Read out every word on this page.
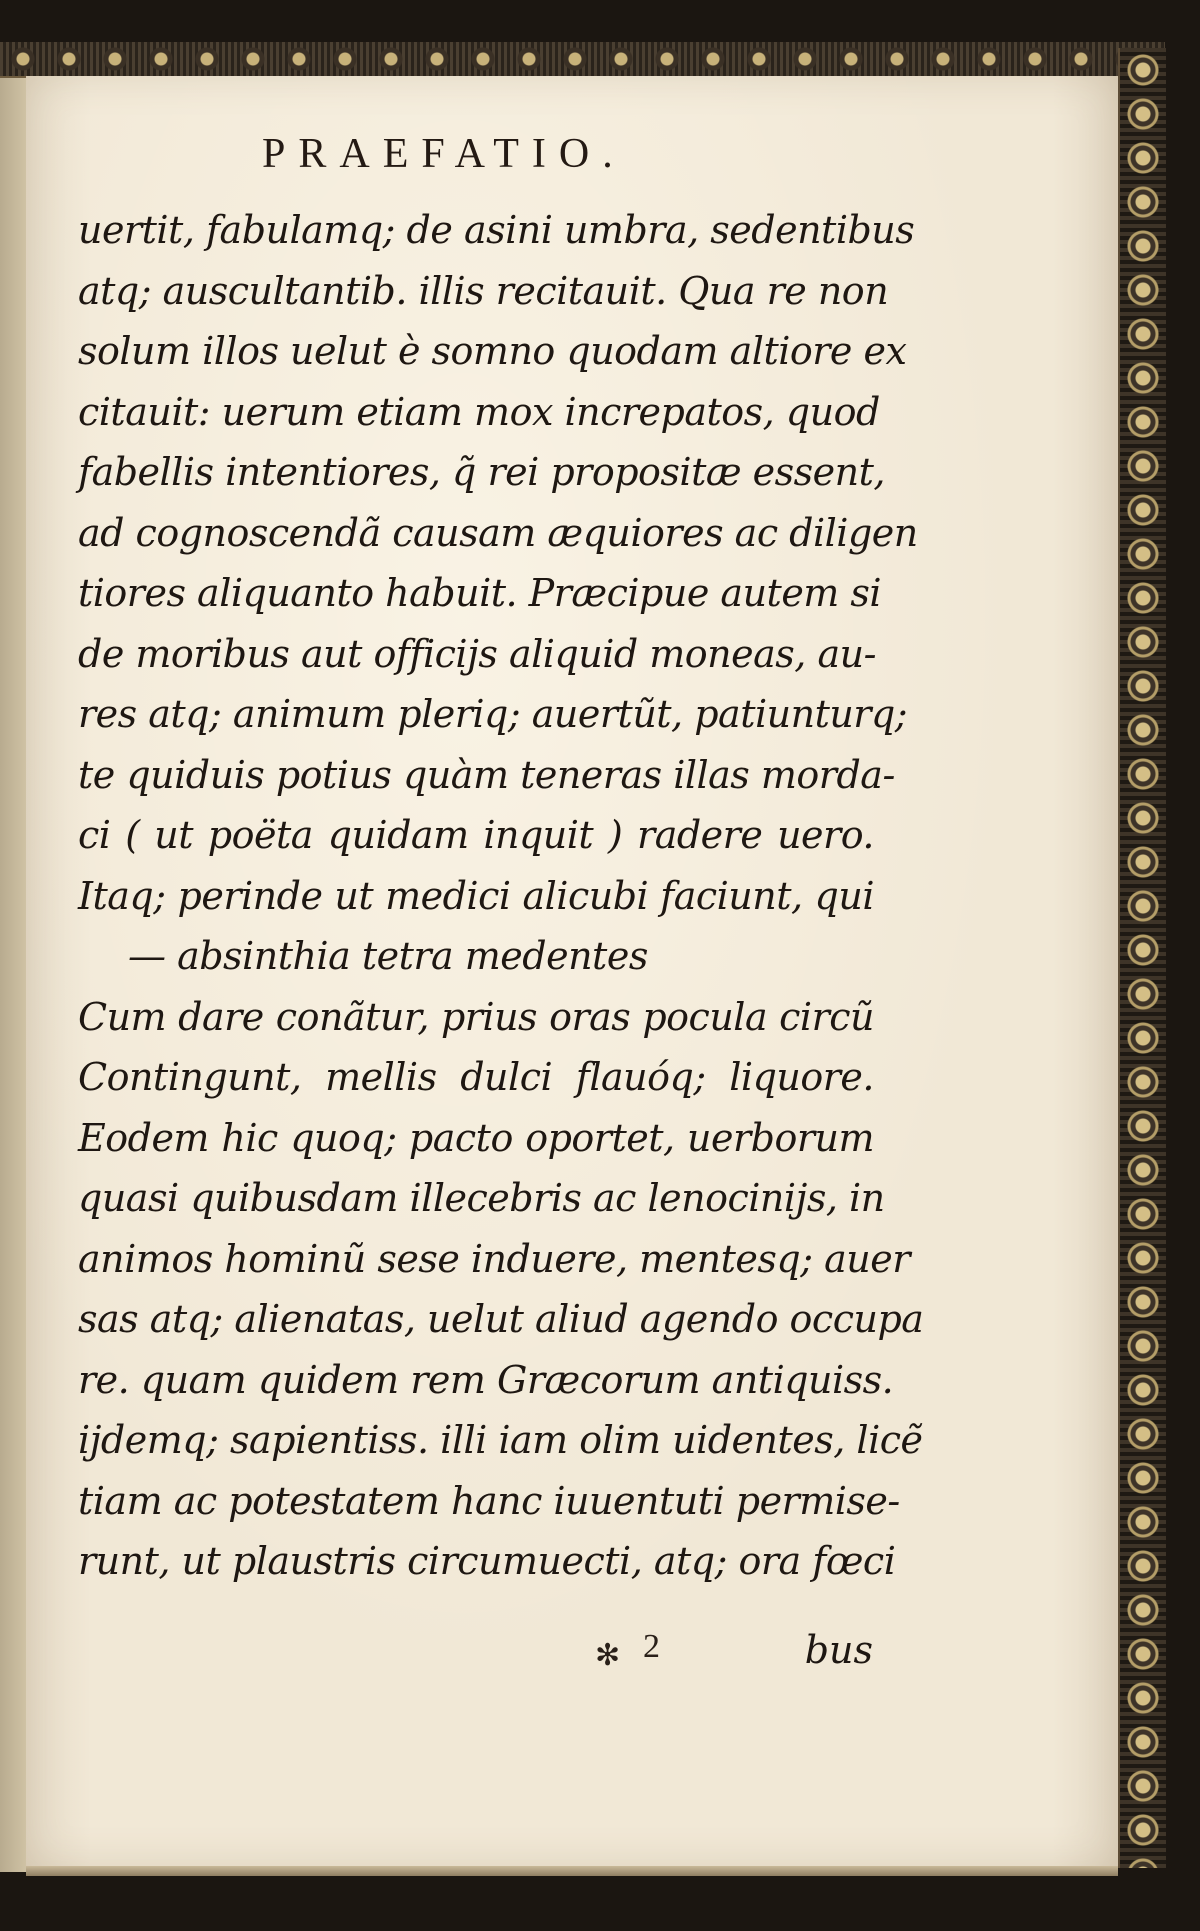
PRAEFATIO.
uertit, fabulamq; de asini umbra, sedentibus
atq; auscultantib. illis recitauit. Qua re non
solum illos uelut è somno quodam altiore ex
citauit: uerum etiam mox increpatos, quod
fabellis intentiores, q̃ rei propositæ essent,
ad cognoscendã causam æquiores ac diligen
tiores aliquanto habuit. Præcipue autem si
de moribus aut officijs aliquid moneas, au-
res atq; animum pleriq; auertũt, patiunturq;
te quiduis potius quàm teneras illas morda-
ci ( ut poëta quidam inquit ) radere uero.
Itaq; perinde ut medici alicubi faciunt, qui
— absinthia tetra medentes
Cum dare conãtur, prius oras pocula circũ
Contingunt, mellis dulci flauóq; liquore.
Eodem hic quoq; pacto oportet, uerborum
quasi quibusdam illecebris ac lenocinijs, in
animos hominũ sese induere, mentesq; auer
sas atq; alienatas, uelut aliud agendo occupa
re. quam quidem rem Græcorum antiquiss.
ijdemq; sapientiss. illi iam olim uidentes, licẽ
tiam ac potestatem hanc iuuentuti permise-
runt, ut plaustris circumuecti, atq; ora fœci
✻ 2	bus
